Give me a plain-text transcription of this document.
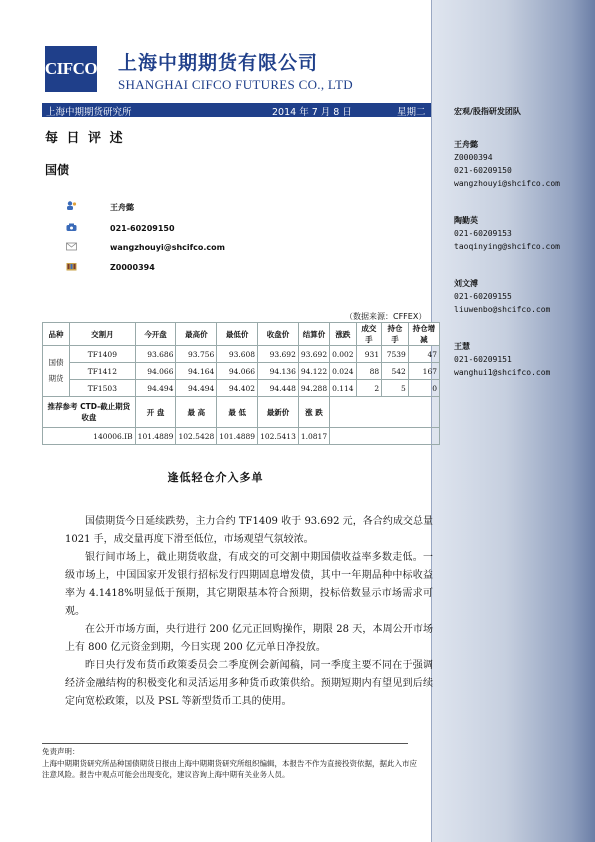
CIFCO 上海中期期货有限公司
SHANGHAI CIFCO FUTURES CO., LTD
上海中期期货研究所	2014 年 7 月 8 日	星期二
每 日 评 述
国债
王舟懿
021-60209150
wangzhouyi@shcifco.com
Z0000394
（数据来源：CFFEX）
品种	交割月	今开盘	最高价	最低价	收盘价	结算价	涨跌	成交手	持仓手	持仓增减
国债期货	TF1409	93.686	93.756	93.608	93.692	93.692	0.002	931	7539	47
	TF1412	94.066	94.164	94.066	94.136	94.122	0.024	88	542	167
	TF1503	94.494	94.494	94.402	94.448	94.288	0.114	2	5	0
推荐参考 CTD-截止期货收盘		开 盘	最 高	最 低	最新价	涨 跌				
140006.IB		101.4889	102.5428	101.4889	102.5413	1.0817				
逢低轻仓介入多单

国债期货今日延续跌势，主力合约 TF1409 收于 93.692 元，各合约成交总量 1021 手，成交量再度下滑至低位，市场观望气氛较浓。

银行间市场上，截止期货收盘，有成交的可交割中期国债收益率多数走低。一级市场上，中国国家开发银行招标发行四期固息增发债，其中一年期品种中标收益率为 4.1418%明显低于预期，其它期限基本符合预期，投标倍数显示市场需求可观。

在公开市场方面，央行进行 200 亿元正回购操作，期限 28 天，本周公开市场上有 800 亿元资金到期，今日实现 200 亿元单日净投放。

昨日央行发布货币政策委员会二季度例会新闻稿，同一季度主要不同在于强调经济金融结构的积极变化和灵活运用多种货币政策供给。预期短期内有望见到后续定向宽松政策，以及 PSL 等新型货币工具的使用。

免责声明：
上海中期期货研究所品种国债期货日报由上海中期期货研究所组织编辑，本报告不作为直接投资依据，据此入市应注意风险。报告中观点可能会出现变化，建议咨询上海中期有关业务人员。
宏观/股指研发团队
王舟懿
Z0000394
021-60209150
wangzhouyi@shcifco.com
陶勤英
021-60209153
taoqinying@shcifco.com
刘文溥
021-60209155
liuwenbo@shcifco.com
王慧
021-60209151
wanghui1@shcifco.com
